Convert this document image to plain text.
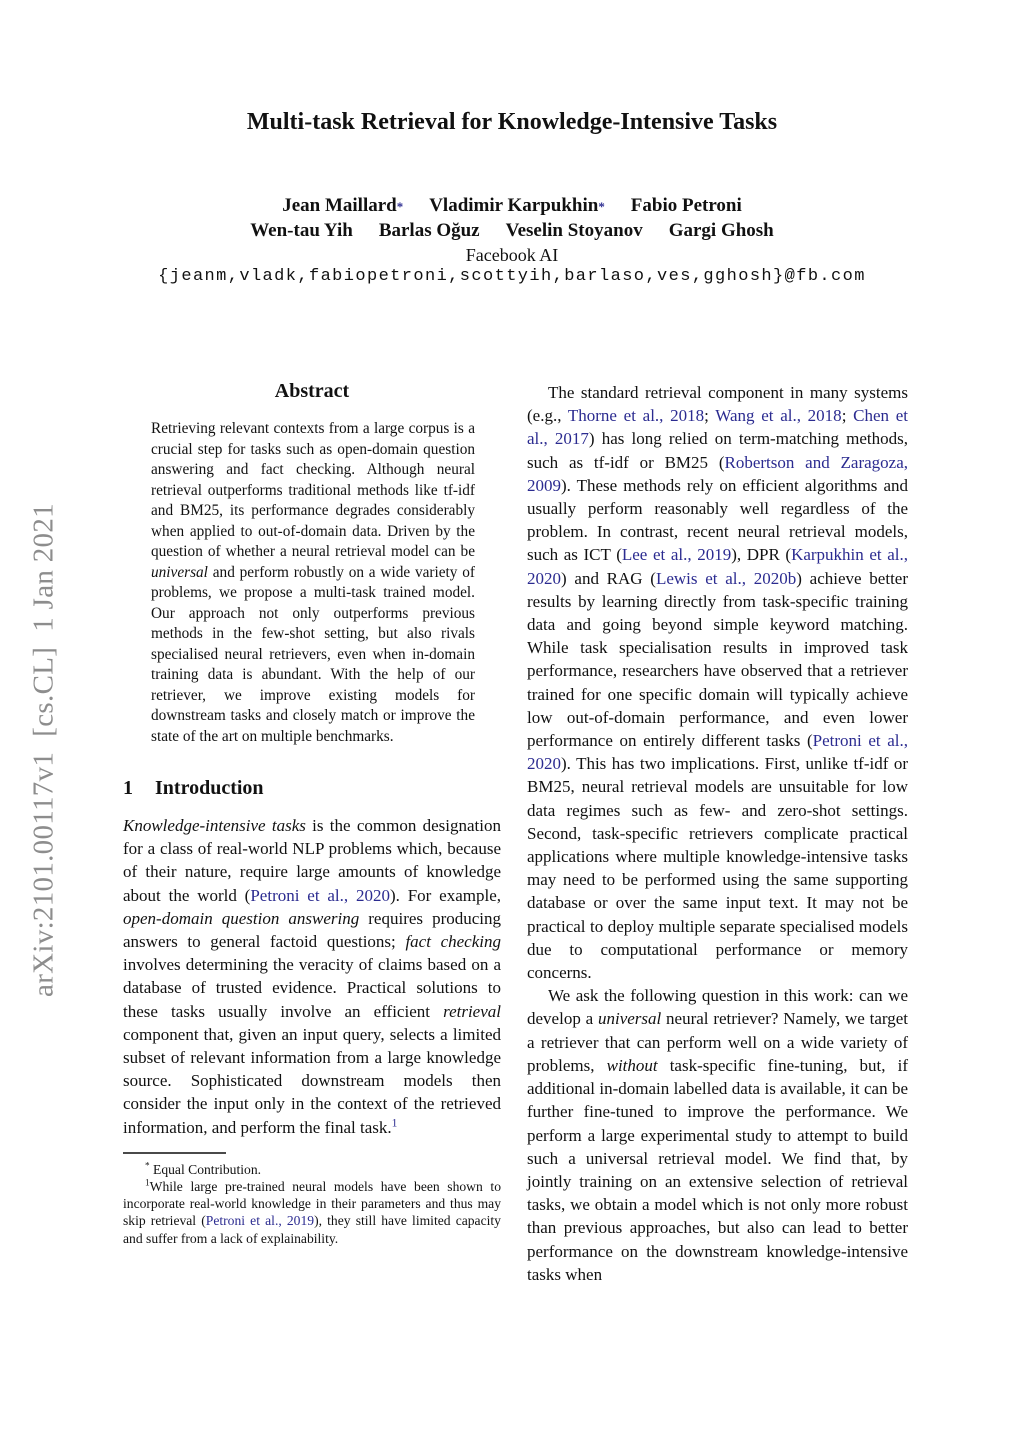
arXiv:2101.00117v1  [cs.CL]  1 Jan 2021
Multi-task Retrieval for Knowledge-Intensive Tasks
Jean Maillard * Vladimir Karpukhin * Fabio Petroni
Wen-tau Yih Barlas Oğuz Veselin Stoyanov Gargi Ghosh
Facebook AI
{jeanm,vladk,fabiopetroni,scottyih,barlaso,ves,gghosh}@fb.com
Abstract

Retrieving relevant contexts from a large corpus is a crucial step for tasks such as open-domain question answering and fact checking. Although neural retrieval outperforms traditional methods like tf-idf and BM25, its performance degrades considerably when applied to out-of-domain data. Driven by the question of whether a neural retrieval model can be universal and perform robustly on a wide variety of problems, we propose a multi-task trained model. Our approach not only outperforms previous methods in the few-shot setting, but also rivals specialised neural retrievers, even when in-domain training data is abundant. With the help of our retriever, we improve existing models for downstream tasks and closely match or improve the state of the art on multiple benchmarks.

1 Introduction

Knowledge-intensive tasks is the common designation for a class of real-world NLP problems which, because of their nature, require large amounts of knowledge about the world (Petroni et al., 2020). For example, open-domain question answering requires producing answers to general factoid questions; fact checking involves determining the veracity of claims based on a database of trusted evidence. Practical solutions to these tasks usually involve an efficient retrieval component that, given an input query, selects a limited subset of relevant information from a large knowledge source. Sophisticated downstream models then consider the input only in the context of the retrieved information, and perform the final task.$^1$

* Equal Contribution.

$^1$While large pre-trained neural models have been shown to incorporate real-world knowledge in their parameters and thus may skip retrieval (Petroni et al., 2019), they still have limited capacity and suffer from a lack of explainability.

The standard retrieval component in many systems (e.g., Thorne et al., 2018; Wang et al., 2018; Chen et al., 2017) has long relied on term-matching methods, such as tf-idf or BM25 (Robertson and Zaragoza, 2009). These methods rely on efficient algorithms and usually perform reasonably well regardless of the problem. In contrast, recent neural retrieval models, such as ICT (Lee et al., 2019), DPR (Karpukhin et al., 2020) and RAG (Lewis et al., 2020b) achieve better results by learning directly from task-specific training data and going beyond simple keyword matching. While task specialisation results in improved task performance, researchers have observed that a retriever trained for one specific domain will typically achieve low out-of-domain performance, and even lower performance on entirely different tasks (Petroni et al., 2020). This has two implications. First, unlike tf-idf or BM25, neural retrieval models are unsuitable for low data regimes such as few- and zero-shot settings. Second, task-specific retrievers complicate practical applications where multiple knowledge-intensive tasks may need to be performed using the same supporting database or over the same input text. It may not be practical to deploy multiple separate specialised models due to computational performance or memory concerns.

We ask the following question in this work: can we develop a universal neural retriever? Namely, we target a retriever that can perform well on a wide variety of problems, without task-specific fine-tuning, but, if additional in-domain labelled data is available, it can be further fine-tuned to improve the performance. We perform a large experimental study to attempt to build such a universal retrieval model. We find that, by jointly training on an extensive selection of retrieval tasks, we obtain a model which is not only more robust than previous approaches, but also can lead to better performance on the downstream knowledge-intensive tasks when
